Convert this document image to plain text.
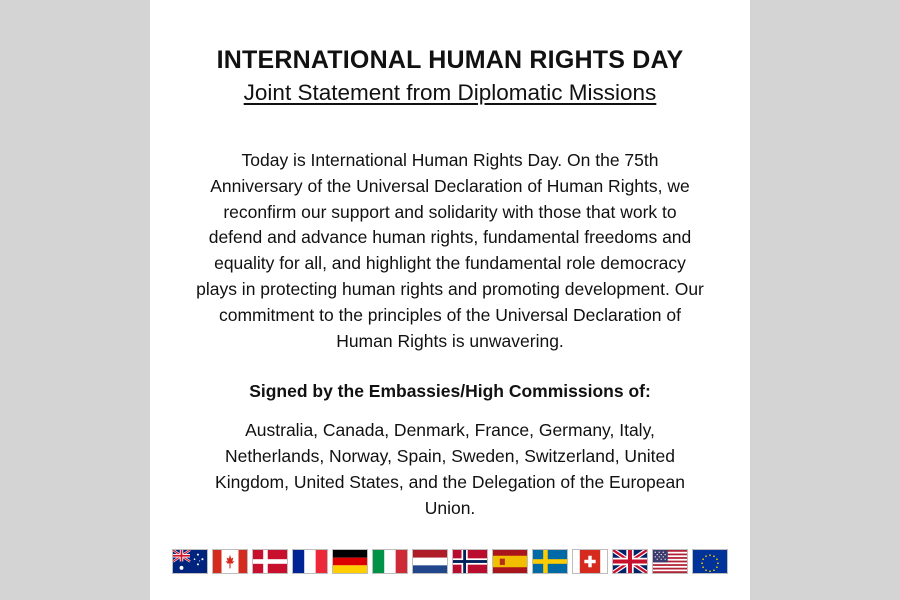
INTERNATIONAL HUMAN RIGHTS DAY
Joint Statement from Diplomatic Missions
Today is International Human Rights Day. On the 75th Anniversary of the Universal Declaration of Human Rights, we reconfirm our support and solidarity with those that work to defend and advance human rights, fundamental freedoms and equality for all, and highlight the fundamental role democracy plays in protecting human rights and promoting development. Our commitment to the principles of the Universal Declaration of Human Rights is unwavering.
Signed by the Embassies/High Commissions of:
Australia, Canada, Denmark, France, Germany, Italy, Netherlands, Norway, Spain, Sweden, Switzerland, United Kingdom, United States, and the Delegation of the European Union.
